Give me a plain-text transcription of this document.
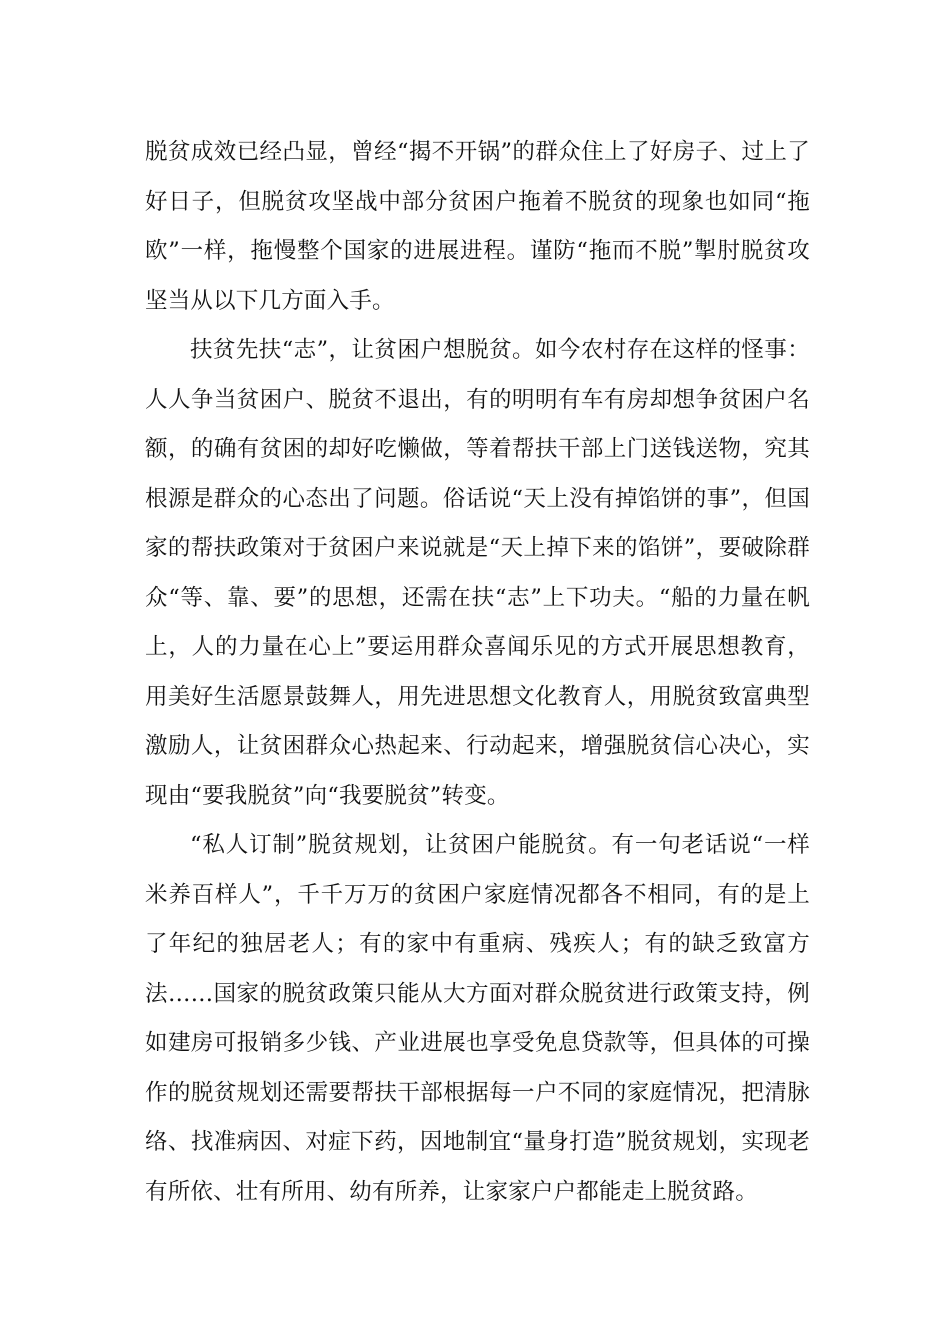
脱贫成效已经凸显，曾经“揭不开锅”的群众住上了好房子、过上了好日子，但脱贫攻坚战中部分贫困户拖着不脱贫的现象也如同“拖欧”一样，拖慢整个国家的进展进程。谨防“拖而不脱”掣肘脱贫攻坚当从以下几方面入手。

扶贫先扶“志”，让贫困户想脱贫。如今农村存在这样的怪事：人人争当贫困户、脱贫不退出，有的明明有车有房却想争贫困户名额，的确有贫困的却好吃懒做，等着帮扶干部上门送钱送物，究其根源是群众的心态出了问题。俗话说“天上没有掉馅饼的事”，但国家的帮扶政策对于贫困户来说就是“天上掉下来的馅饼”，要破除群众“等、靠、要”的思想，还需在扶“志”上下功夫。“船的力量在帆上，人的力量在心上”要运用群众喜闻乐见的方式开展思想教育，用美好生活愿景鼓舞人，用先进思想文化教育人，用脱贫致富典型激励人，让贫困群众心热起来、行动起来，增强脱贫信心决心，实现由“要我脱贫”向“我要脱贫”转变。

“私人订制”脱贫规划，让贫困户能脱贫。有一句老话说“一样米养百样人”，千千万万的贫困户家庭情况都各不相同，有的是上了年纪的独居老人；有的家中有重病、残疾人；有的缺乏致富方法……国家的脱贫政策只能从大方面对群众脱贫进行政策支持，例如建房可报销多少钱、产业进展也享受免息贷款等，但具体的可操作的脱贫规划还需要帮扶干部根据每一户不同的家庭情况，把清脉络、找准病因、对症下药，因地制宜“量身打造”脱贫规划，实现老有所依、壮有所用、幼有所养，让家家户户都能走上脱贫路。
